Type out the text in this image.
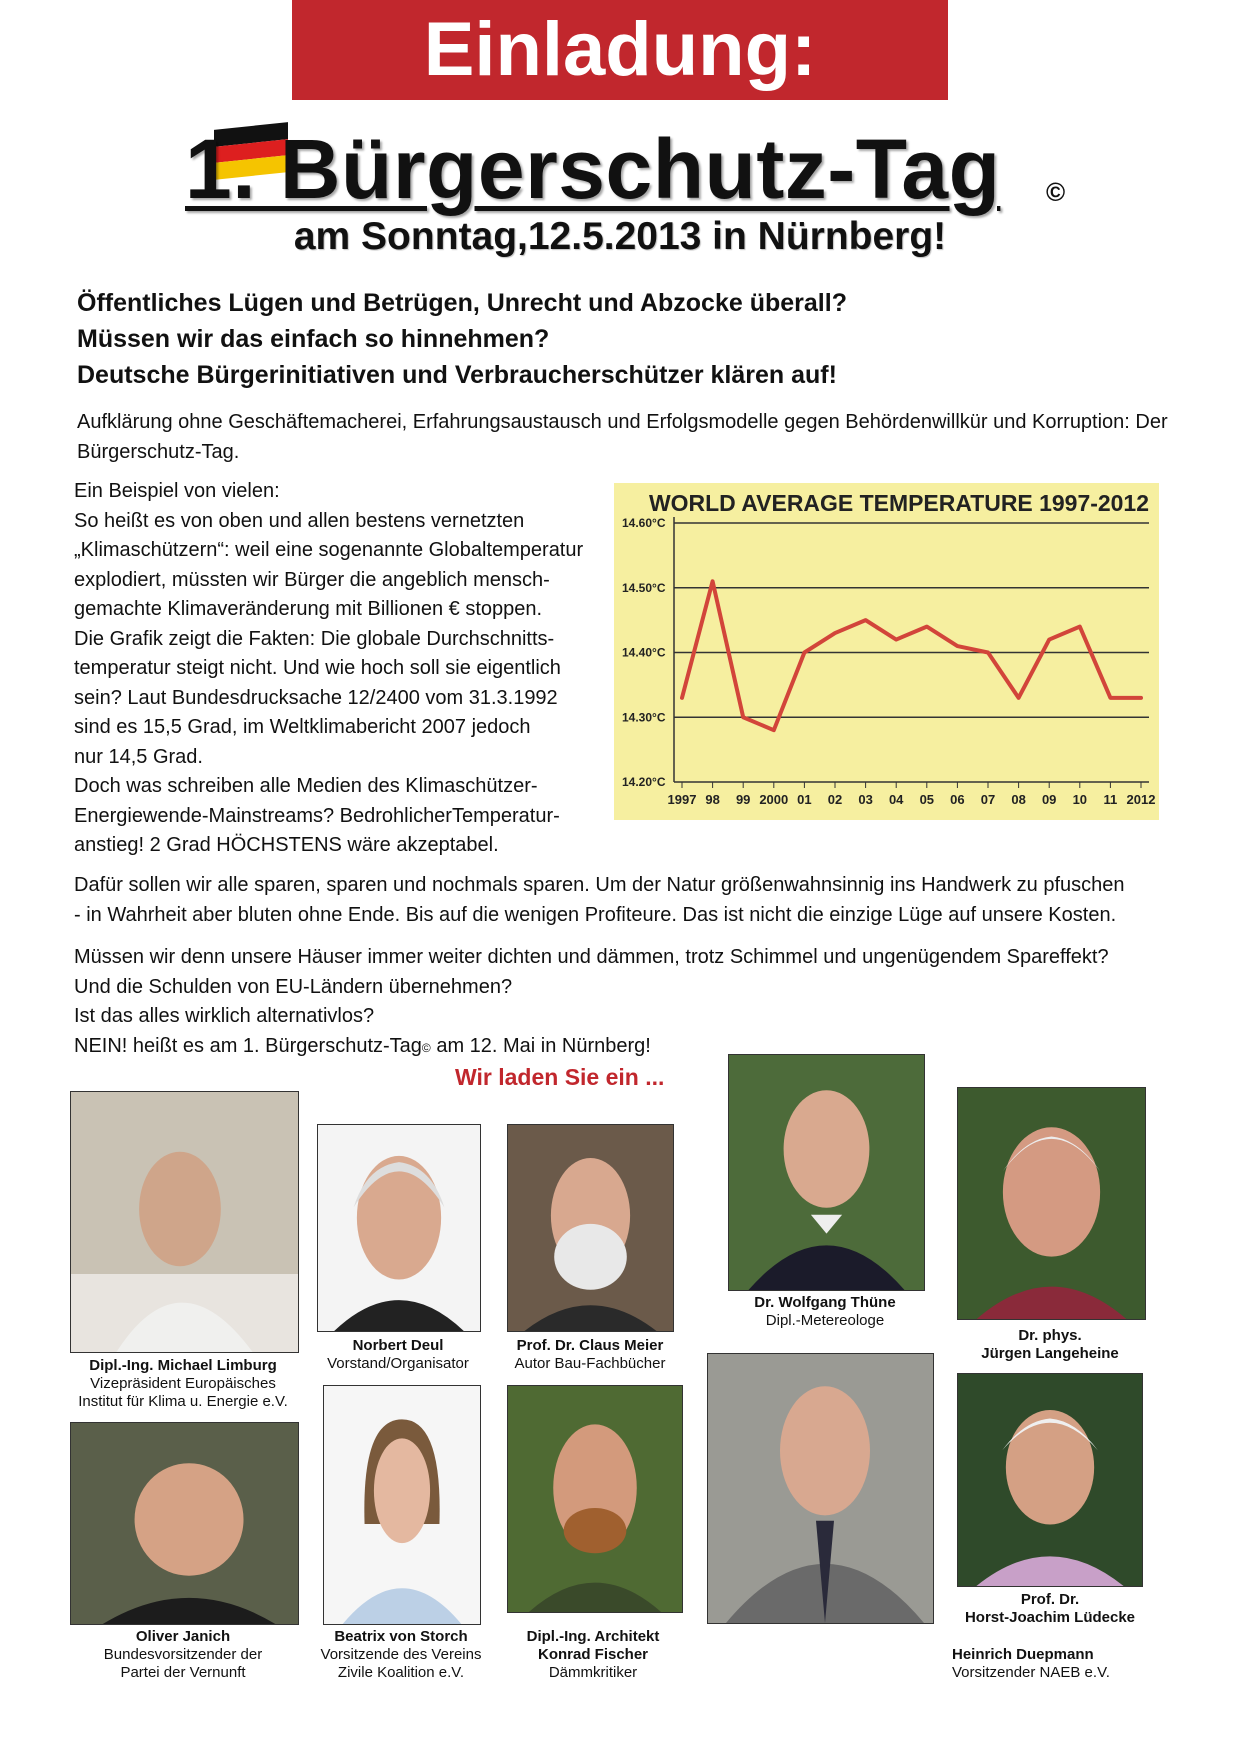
Einladung:
1. Bürgerschutz-Tag	©
am Sonntag,12.5.2013 in Nürnberg!
Öffentliches Lügen und Betrügen, Unrecht und Abzocke überall?
Müssen wir das einfach so hinnehmen?
Deutsche Bürgerinitiativen und Verbraucherschützer klären auf!
Aufklärung ohne Geschäftemacherei, Erfahrungsaustausch und Erfolgsmodelle gegen Behördenwillkür und Korruption: Der Bürgerschutz-Tag.
Ein Beispiel von vielen:
So heißt es von oben und allen bestens vernetzten
„Klimaschützern“: weil eine sogenannte Globaltemperatur
explodiert, müssten wir Bürger die angeblich mensch-
gemachte Klimaveränderung mit Billionen € stoppen.
Die Grafik zeigt die Fakten: Die globale Durchschnitts-
temperatur steigt nicht. Und wie hoch soll sie eigentlich
sein? Laut Bundesdrucksache 12/2400 vom 31.3.1992
sind es 15,5 Grad, im Weltklimabericht 2007 jedoch
nur 14,5 Grad.
Doch was schreiben alle Medien des Klimaschützer-
Energiewende-Mainstreams? BedrohlicherTemperatur-
anstieg! 2 Grad HÖCHSTENS wäre akzeptabel.
WORLD AVERAGE TEMPERATURE 1997-2012
14.20°C
14.30°C
14.40°C
14.50°C
14.60°C
1997 98 99 2000 01 02 03 04 05 06 07 08 09 10 11 2012
Dafür sollen wir alle sparen, sparen und nochmals sparen. Um der Natur größenwahnsinnig ins Handwerk zu pfuschen
- in Wahrheit aber bluten ohne Ende. Bis auf die wenigen Profiteure. Das ist nicht die einzige Lüge auf unsere Kosten.
Müssen wir denn unsere Häuser immer weiter dichten und dämmen, trotz Schimmel und ungenügendem Spareffekt?
Und die Schulden von EU-Ländern übernehmen?
Ist das alles wirklich alternativlos?
NEIN! heißt es am 1. Bürgerschutz-Tag© am 12. Mai in Nürnberg!
Wir laden Sie ein ...
Dipl.-Ing. Michael Limburg
Vizepräsident Europäisches
Institut für Klima u. Energie e.V.
Norbert Deul
Vorstand/Organisator
Prof. Dr. Claus Meier
Autor Bau-Fachbücher
Dr. Wolfgang Thüne
Dipl.-Metereologe
Dr. phys.
Jürgen Langeheine
Oliver Janich
Bundesvorsitzender der
Partei der Vernunft
Beatrix von Storch
Vorsitzende des Vereins
Zivile Koalition e.V.
Dipl.-Ing. Architekt
Konrad Fischer
Dämmkritiker
Prof. Dr.
Horst-Joachim Lüdecke
Heinrich Duepmann
Vorsitzender NAEB e.V.
